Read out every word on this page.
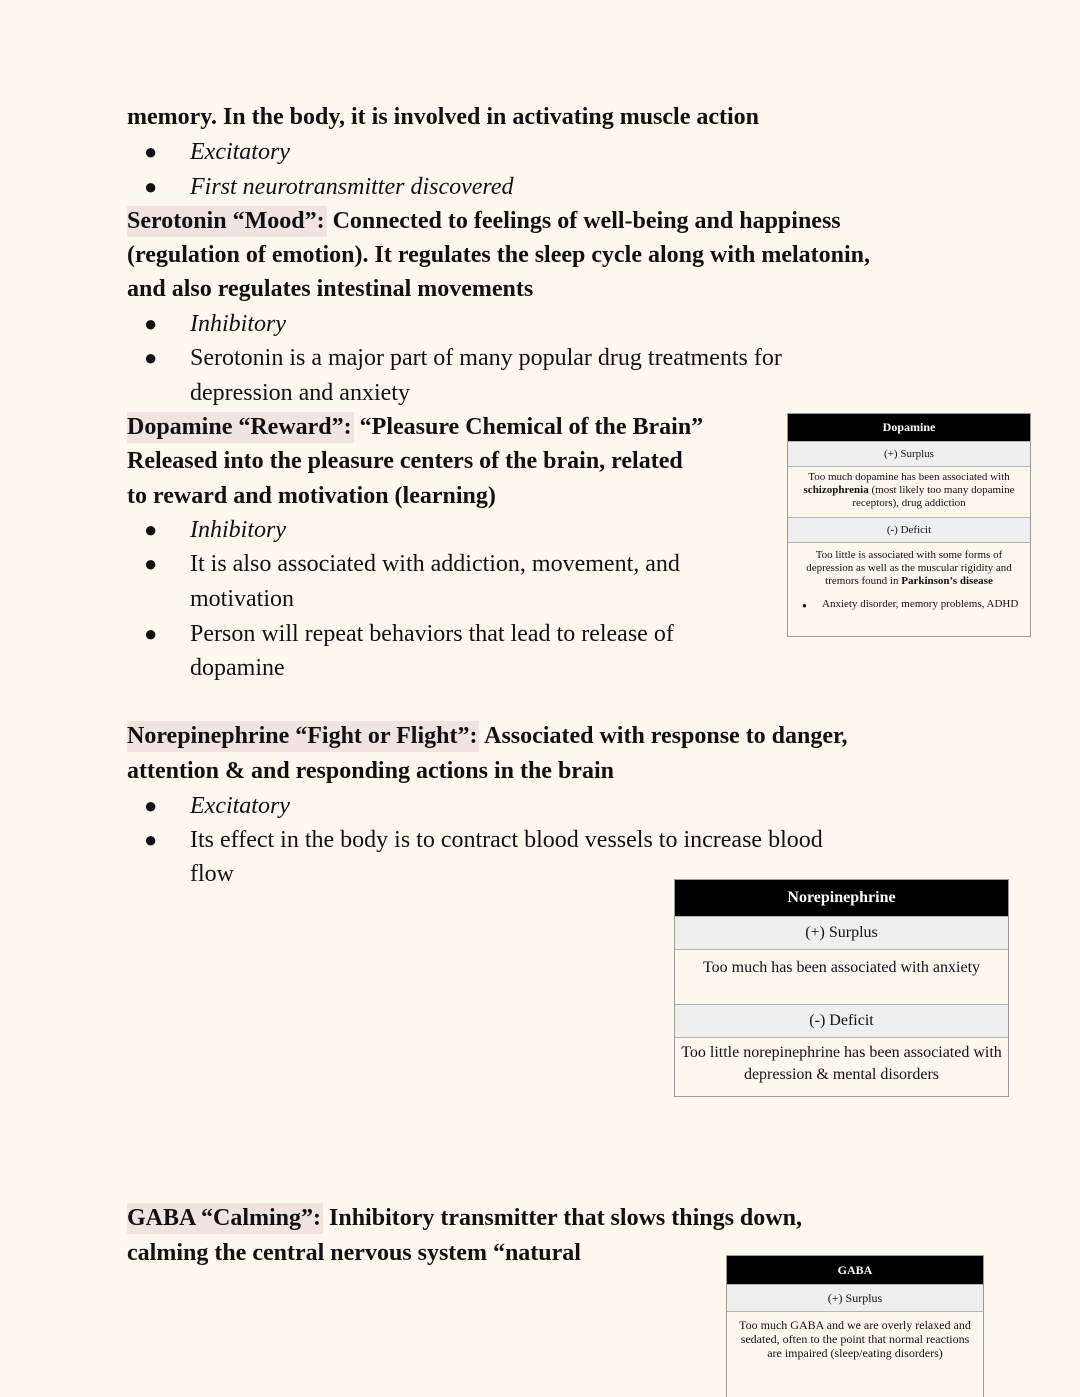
memory. In the body, it is involved in activating muscle action
● Excitatory
● First neurotransmitter discovered
Serotonin “Mood”: Connected to feelings of well-being and happiness
(regulation of emotion). It regulates the sleep cycle along with melatonin,
and also regulates intestinal movements
● Inhibitory
● Serotonin is a major part of many popular drug treatments for
depression and anxiety
Dopamine “Reward”: “Pleasure Chemical of the Brain”
Released into the pleasure centers of the brain, related
to reward and motivation (learning)
● Inhibitory
● It is also associated with addiction, movement, and
motivation
● Person will repeat behaviors that lead to release of
dopamine
Dopamine
(+) Surplus
Too much dopamine has been associated with schizophrenia (most likely too many dopamine receptors), drug addiction
(-) Deficit
Too little is associated with some forms of depression as well as the muscular rigidity and tremors found in Parkinson’s disease
● Anxiety disorder, memory problems, ADHD
Norepinephrine “Fight or Flight”: Associated with response to danger,
attention & and responding actions in the brain
● Excitatory
● Its effect in the body is to contract blood vessels to increase blood
flow
Norepinephrine
(+) Surplus
Too much has been associated with anxiety
(-) Deficit
Too little norepinephrine has been associated with depression & mental disorders
GABA “Calming”: Inhibitory transmitter that slows things down,
calming the central nervous system “natural
GABA
(+) Surplus
Too much GABA and we are overly relaxed and sedated, often to the point that normal reactions are impaired (sleep/eating disorders)
